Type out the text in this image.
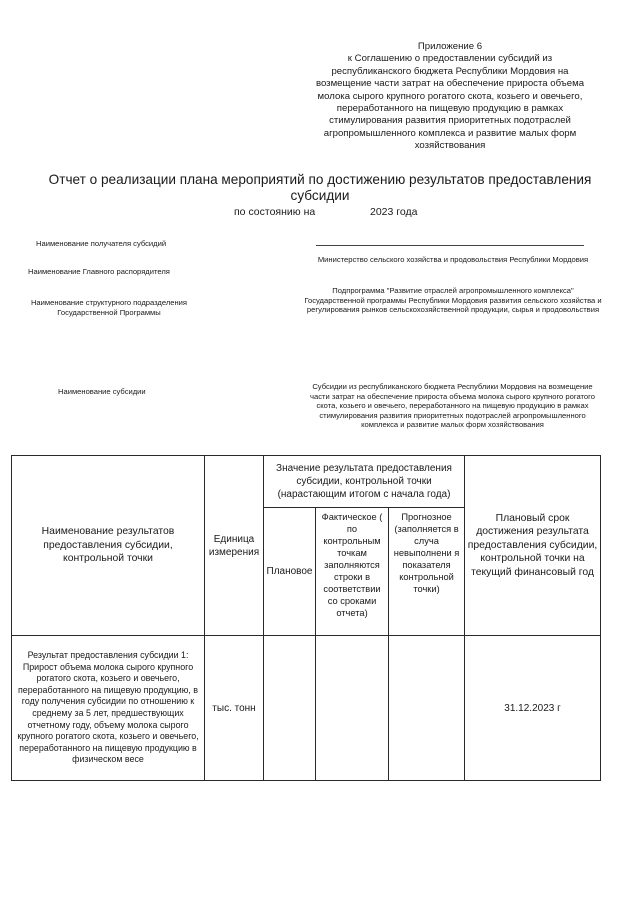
Приложение 6
к Соглашению о предоставлении субсидий из
республиканского бюджета Республики Мордовия на
возмещение части затрат на обеспечение прироста объема
молока сырого крупного рогатого скота, козьего и овечьего,
переработанного на пищевую продукцию в рамках
стимулирования развития приоритетных подотраслей
агропромышленного комплекса и развитие малых форм
хозяйствования
Отчет о реализации плана мероприятий по достижению результатов предоставления
субсидии
по состоянию на	2023 года
Наименование получателя субсидий
Наименование Главного распорядителя
Министерство сельского хозяйства и продовольствия Республики Мордовия
Наименование структурного подразделения Государственной Программы
Подпрограмма "Развитие отраслей агропромышленного комплекса" Государственной программы Республики Мордовия развития сельского хозяйства и регулирования рынков сельскохозяйственной продукции, сырья и продовольствия
Наименование субсидии
Субсидии из республиканского бюджета Республики Мордовия на возмещение части затрат на обеспечение прироста объема молока сырого крупного рогатого скота, козьего и овечьего, переработанного на пищевую продукцию в рамках стимулирования развития приоритетных подотраслей агропромышленного комплекса и развитие малых форм хозяйствования
Наименование результатов предоставления субсидии, контрольной точки	Единица измерения	Значение результата предоставления субсидии, контрольной точки (нарастающим итогом с начала года)			Плановый срок достижения результата предоставления субсидии, контрольной точки на текущий финансовый год
		Плановое	Фактическое ( по контрольным точкам заполняются строки в соответствии со сроками отчета)	Прогнозное (заполняется в случа невыполнени я показателя контрольной точки)	
Результат предоставления субсидии 1: Прирост объема молока сырого крупного рогатого скота, козьего и овечьего, переработанного на пищевую продукцию, в году получения субсидии по отношению к среднему за 5 лет, предшествующих отчетному году, объему молока сырого крупного рогатого скота, козьего и овечьего, переработанного на пищевую продукцию в физическом весе	тыс. тонн				31.12.2023 г
